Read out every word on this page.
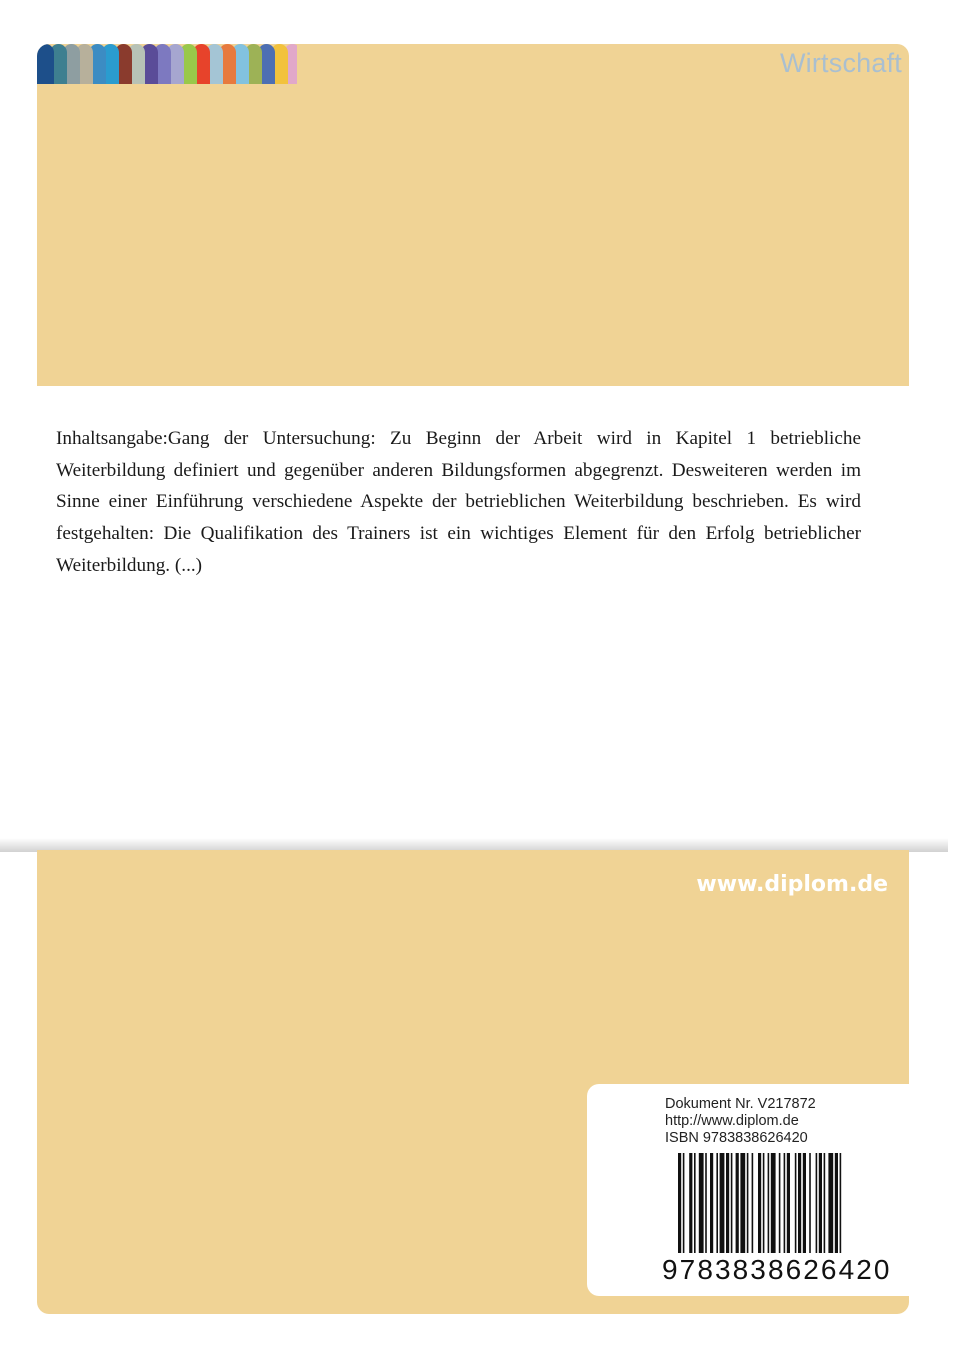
Wirtschaft

Inhaltsangabe:Gang der Untersuchung: Zu Beginn der Arbeit wird in Kapitel 1 betriebliche Weiterbildung definiert und gegenüber anderen Bildungsformen abgegrenzt. Desweiteren werden im Sinne einer Einführung verschiedene Aspekte der betrieblichen Weiterbildung beschrieben. Es wird festgehalten: Die Qualifikation des Trainers ist ein wichtiges Element für den Erfolg betrieblicher Weiterbildung. (...)

www.diplom.de
Dokument Nr. V217872
http://www.diplom.de
ISBN 9783838626420
9 7 8 3 8 3 8 6 2 6 4 2 0
